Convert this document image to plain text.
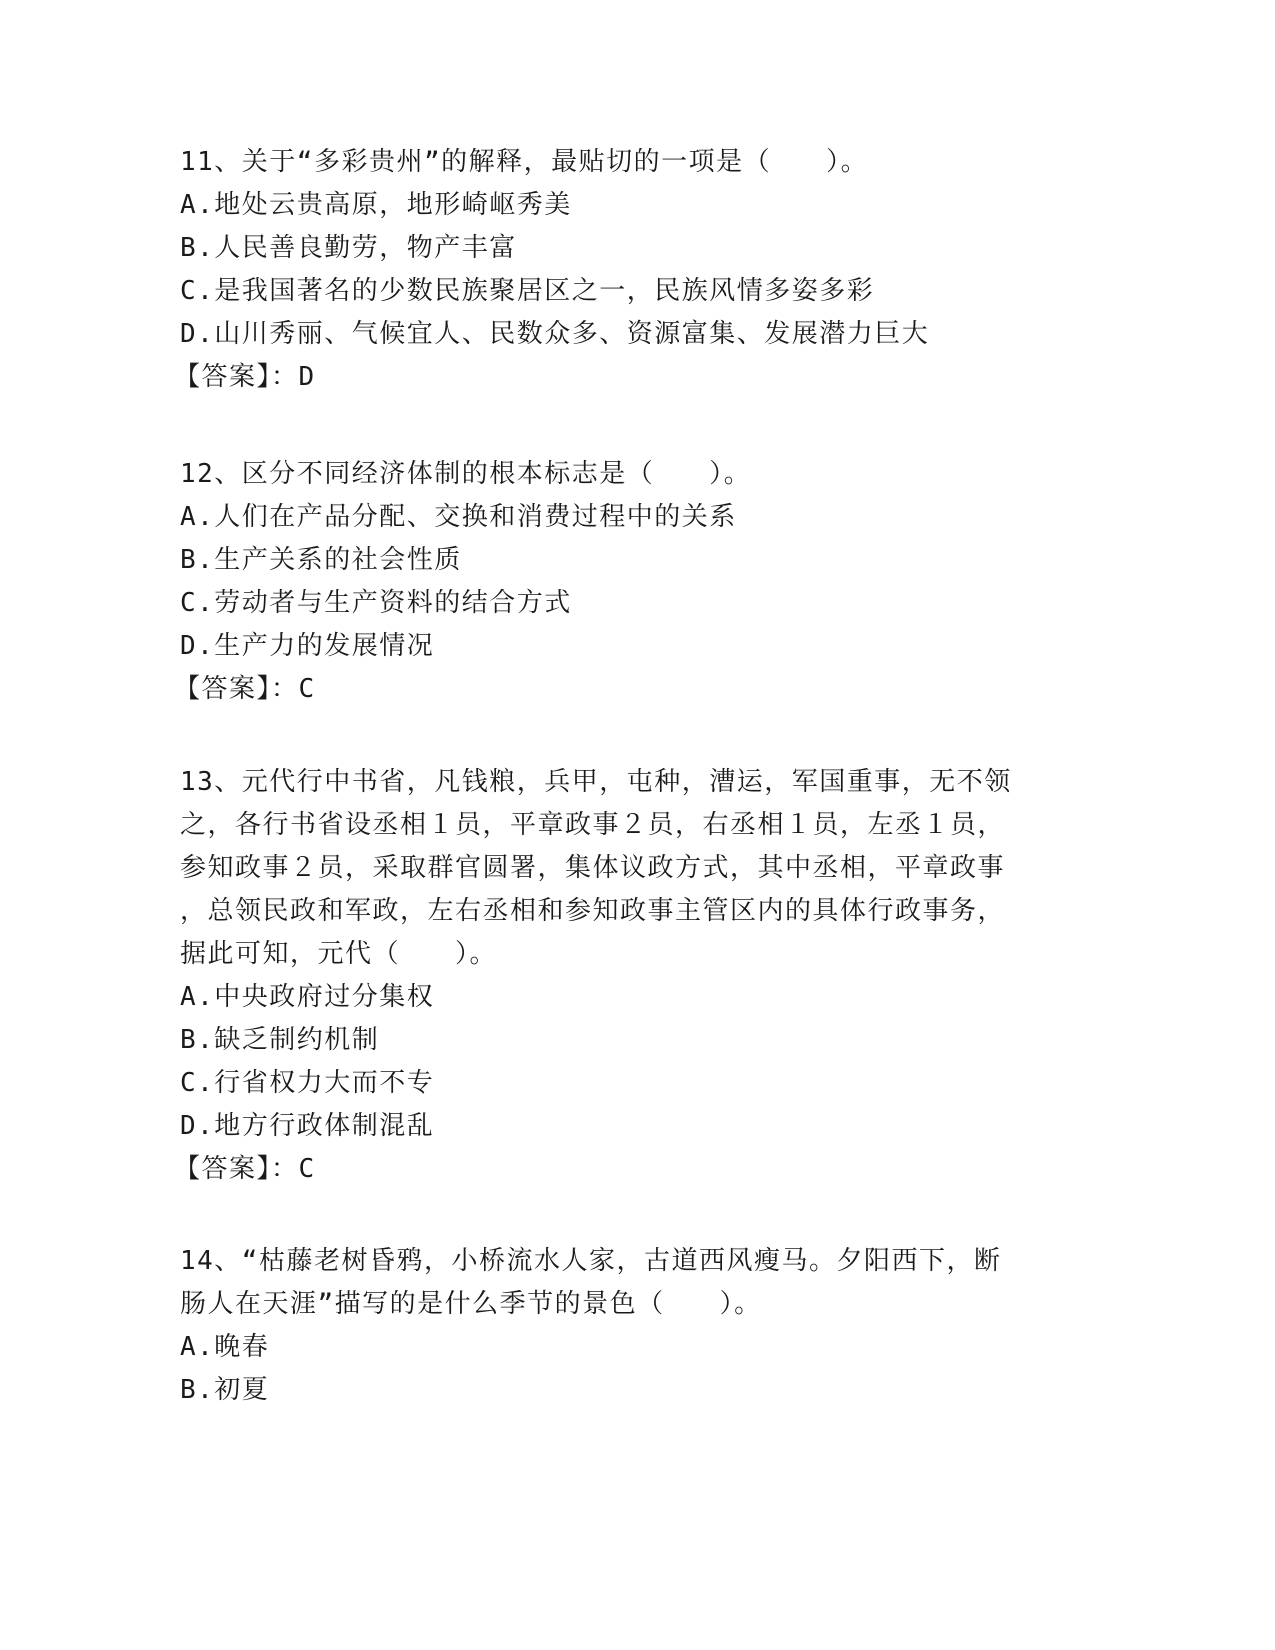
11、关于“多彩贵州”的解释，最贴切的一项是（　　）。
A.地处云贵高原，地形崎岖秀美
B.人民善良勤劳，物产丰富
C.是我国著名的少数民族聚居区之一，民族风情多姿多彩
D.山川秀丽、气候宜人、民数众多、资源富集、发展潜力巨大
【答案】：D
12、区分不同经济体制的根本标志是（　　）。
A.人们在产品分配、交换和消费过程中的关系
B.生产关系的社会性质
C.劳动者与生产资料的结合方式
D.生产力的发展情况
【答案】：C
13、元代行中书省，凡钱粮，兵甲，屯种，漕运，军国重事，无不领
之，各行书省设丞相１员，平章政事２员，右丞相１员，左丞１员，
参知政事２员，采取群官圆署，集体议政方式，其中丞相，平章政事
，总领民政和军政，左右丞相和参知政事主管区内的具体行政事务，
据此可知，元代（　　）。
A.中央政府过分集权
B.缺乏制约机制
C.行省权力大而不专
D.地方行政体制混乱
【答案】：C
14、“枯藤老树昏鸦，小桥流水人家，古道西风瘦马。夕阳西下，断
肠人在天涯”描写的是什么季节的景色（　　）。
A.晚春
B.初夏
